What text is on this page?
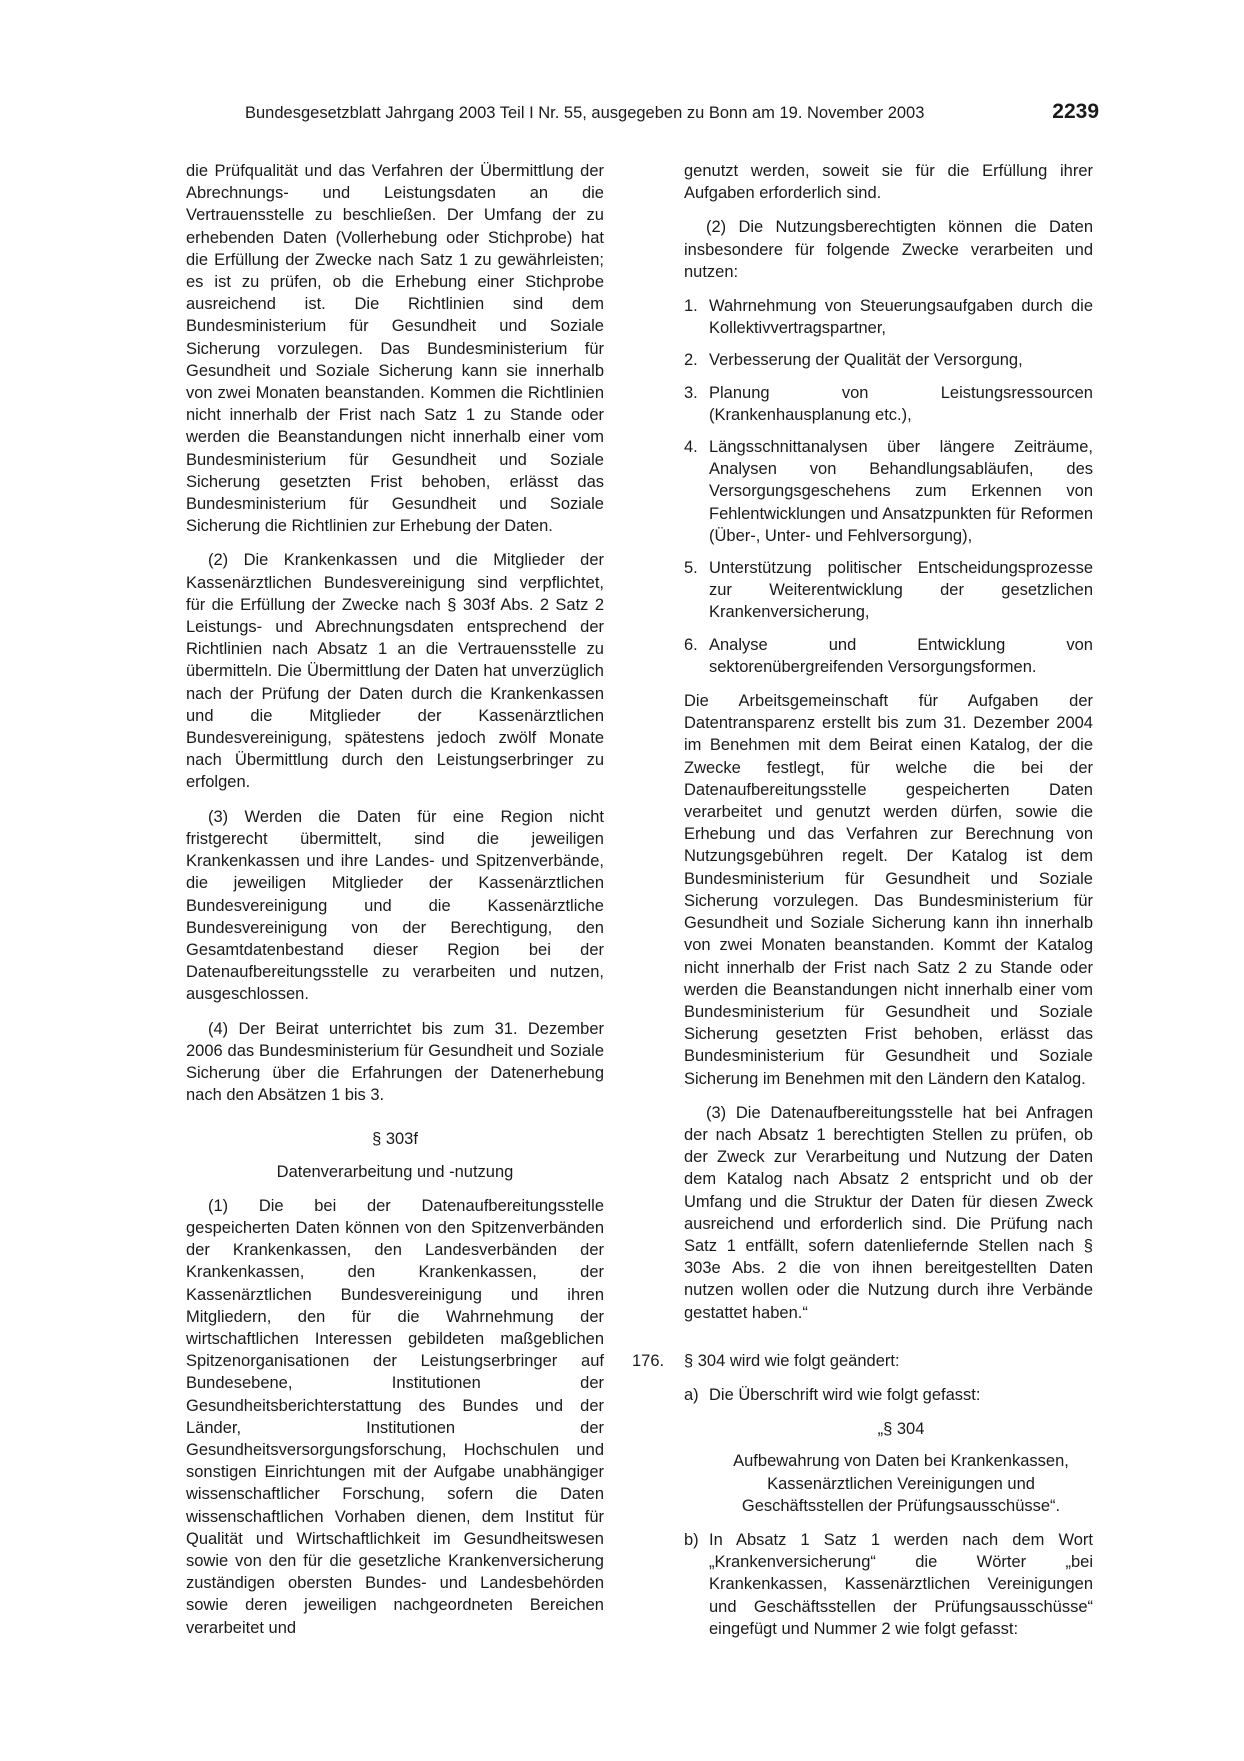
Bundesgesetzblatt Jahrgang 2003 Teil I Nr. 55, ausgegeben zu Bonn am 19. November 2003	2239

die Prüfqualität und das Verfahren der Übermittlung der Abrechnungs- und Leistungsdaten an die Vertrauensstelle zu beschließen. Der Umfang der zu erhebenden Daten (Vollerhebung oder Stichprobe) hat die Erfüllung der Zwecke nach Satz 1 zu gewährleisten; es ist zu prüfen, ob die Erhebung einer Stichprobe ausreichend ist. Die Richtlinien sind dem Bundesministerium für Gesundheit und Soziale Sicherung vorzulegen. Das Bundesministerium für Gesundheit und Soziale Sicherung kann sie innerhalb von zwei Monaten beanstanden. Kommen die Richtlinien nicht innerhalb der Frist nach Satz 1 zu Stande oder werden die Beanstandungen nicht innerhalb einer vom Bundesministerium für Gesundheit und Soziale Sicherung gesetzten Frist behoben, erlässt das Bundesministerium für Gesundheit und Soziale Sicherung die Richtlinien zur Erhebung der Daten.

(2) Die Krankenkassen und die Mitglieder der Kassenärztlichen Bundesvereinigung sind verpflichtet, für die Erfüllung der Zwecke nach § 303f Abs. 2 Satz 2 Leistungs- und Abrechnungsdaten entsprechend der Richtlinien nach Absatz 1 an die Vertrauensstelle zu übermitteln. Die Übermittlung der Daten hat unverzüglich nach der Prüfung der Daten durch die Krankenkassen und die Mitglieder der Kassenärztlichen Bundesvereinigung, spätestens jedoch zwölf Monate nach Übermittlung durch den Leistungserbringer zu erfolgen.

(3) Werden die Daten für eine Region nicht fristgerecht übermittelt, sind die jeweiligen Krankenkassen und ihre Landes- und Spitzenverbände, die jeweiligen Mitglieder der Kassenärztlichen Bundesvereinigung und die Kassenärztliche Bundesvereinigung von der Berechtigung, den Gesamtdatenbestand dieser Region bei der Datenaufbereitungsstelle zu verarbeiten und nutzen, ausgeschlossen.

(4) Der Beirat unterrichtet bis zum 31. Dezember 2006 das Bundesministerium für Gesundheit und Soziale Sicherung über die Erfahrungen der Datenerhebung nach den Absätzen 1 bis 3.

§ 303f

Datenverarbeitung und -nutzung

(1) Die bei der Datenaufbereitungsstelle gespeicherten Daten können von den Spitzenverbänden der Krankenkassen, den Landesverbänden der Krankenkassen, den Krankenkassen, der Kassenärztlichen Bundesvereinigung und ihren Mitgliedern, den für die Wahrnehmung der wirtschaftlichen Interessen gebildeten maßgeblichen Spitzenorganisationen der Leistungserbringer auf Bundesebene, Institutionen der Gesundheitsberichterstattung des Bundes und der Länder, Institutionen der Gesundheitsversorgungsforschung, Hochschulen und sonstigen Einrichtungen mit der Aufgabe unabhängiger wissenschaftlicher Forschung, sofern die Daten wissenschaftlichen Vorhaben dienen, dem Institut für Qualität und Wirtschaftlichkeit im Gesundheitswesen sowie von den für die gesetzliche Krankenversicherung zuständigen obersten Bundes- und Landesbehörden sowie deren jeweiligen nachgeordneten Bereichen verarbeitet und

genutzt werden, soweit sie für die Erfüllung ihrer Aufgaben erforderlich sind.

(2) Die Nutzungsberechtigten können die Daten insbesondere für folgende Zwecke verarbeiten und nutzen:

1. Wahrnehmung von Steuerungsaufgaben durch die Kollektivvertragspartner,
2. Verbesserung der Qualität der Versorgung,
3. Planung von Leistungsressourcen (Krankenhausplanung etc.),
4. Längsschnittanalysen über längere Zeiträume, Analysen von Behandlungsabläufen, des Versorgungsgeschehens zum Erkennen von Fehlentwicklungen und Ansatzpunkten für Reformen (Über-, Unter- und Fehlversorgung),
5. Unterstützung politischer Entscheidungsprozesse zur Weiterentwicklung der gesetzlichen Krankenversicherung,
6. Analyse und Entwicklung von sektorenübergreifenden Versorgungsformen.

Die Arbeitsgemeinschaft für Aufgaben der Datentransparenz erstellt bis zum 31. Dezember 2004 im Benehmen mit dem Beirat einen Katalog, der die Zwecke festlegt, für welche die bei der Datenaufbereitungsstelle gespeicherten Daten verarbeitet und genutzt werden dürfen, sowie die Erhebung und das Verfahren zur Berechnung von Nutzungsgebühren regelt. Der Katalog ist dem Bundesministerium für Gesundheit und Soziale Sicherung vorzulegen. Das Bundesministerium für Gesundheit und Soziale Sicherung kann ihn innerhalb von zwei Monaten beanstanden. Kommt der Katalog nicht innerhalb der Frist nach Satz 2 zu Stande oder werden die Beanstandungen nicht innerhalb einer vom Bundesministerium für Gesundheit und Soziale Sicherung gesetzten Frist behoben, erlässt das Bundesministerium für Gesundheit und Soziale Sicherung im Benehmen mit den Ländern den Katalog.

(3) Die Datenaufbereitungsstelle hat bei Anfragen der nach Absatz 1 berechtigten Stellen zu prüfen, ob der Zweck zur Verarbeitung und Nutzung der Daten dem Katalog nach Absatz 2 entspricht und ob der Umfang und die Struktur der Daten für diesen Zweck ausreichend und erforderlich sind. Die Prüfung nach Satz 1 entfällt, sofern datenliefernde Stellen nach § 303e Abs. 2 die von ihnen bereitgestellten Daten nutzen wollen oder die Nutzung durch ihre Verbände gestattet haben.“

176. § 304 wird wie folgt geändert:

a) Die Überschrift wird wie folgt gefasst:

„§ 304

Aufbewahrung von Daten bei Krankenkassen, Kassenärztlichen Vereinigungen und Geschäftsstellen der Prüfungsausschüsse“.

b) In Absatz 1 Satz 1 werden nach dem Wort „Krankenversicherung“ die Wörter „bei Krankenkassen, Kassenärztlichen Vereinigungen und Geschäftsstellen der Prüfungsausschüsse“ eingefügt und Nummer 2 wie folgt gefasst:
